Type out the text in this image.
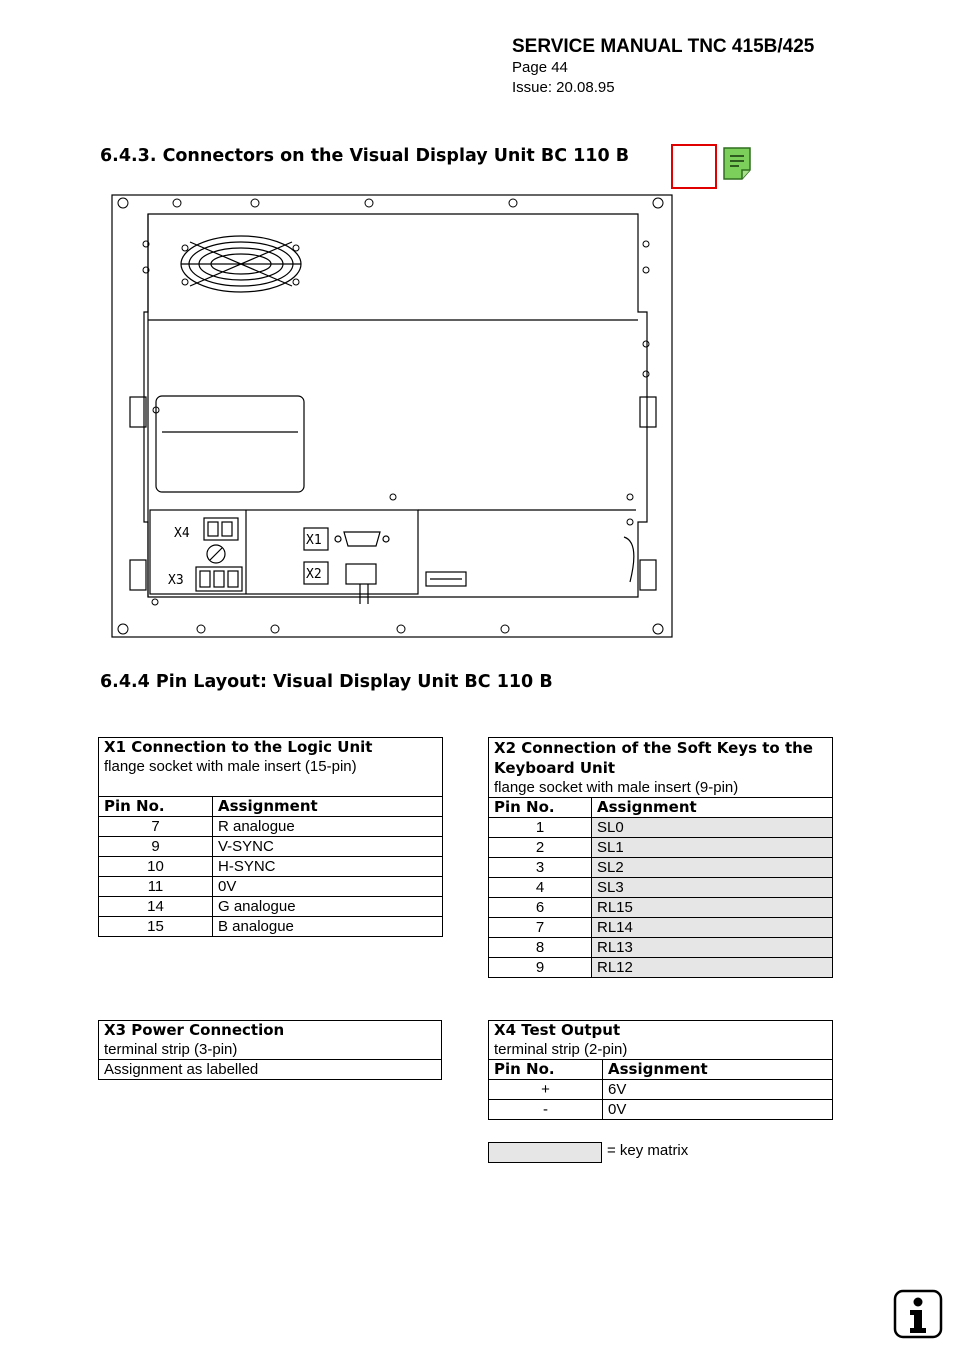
SERVICE MANUAL TNC 415B/425
Page 44
Issue: 20.08.95
6.4.3. Connectors on the Visual Display Unit BC 110 B
X4
X3
X1
X2
6.4.4 Pin Layout: Visual Display Unit BC 110 B
X1 Connection to the Logic Unit
flange socket with male insert (15-pin)	

Pin No.	Assignment
7	R analogue
9	V-SYNC
10	H-SYNC
11	0V
14	G analogue
15	B analogue
X2 Connection of the Soft Keys to the Keyboard Unit
flange socket with male insert (9-pin)	

Pin No.	Assignment
1	SL0
2	SL1
3	SL2
4	SL3
6	RL15
7	RL14
8	RL13
9	RL12
X3 Power Connection
terminal strip (3-pin)

Assignment as labelled
X4 Test Output
terminal strip (2-pin)	

Pin No.	Assignment
+	6V
-	0V
= key matrix
